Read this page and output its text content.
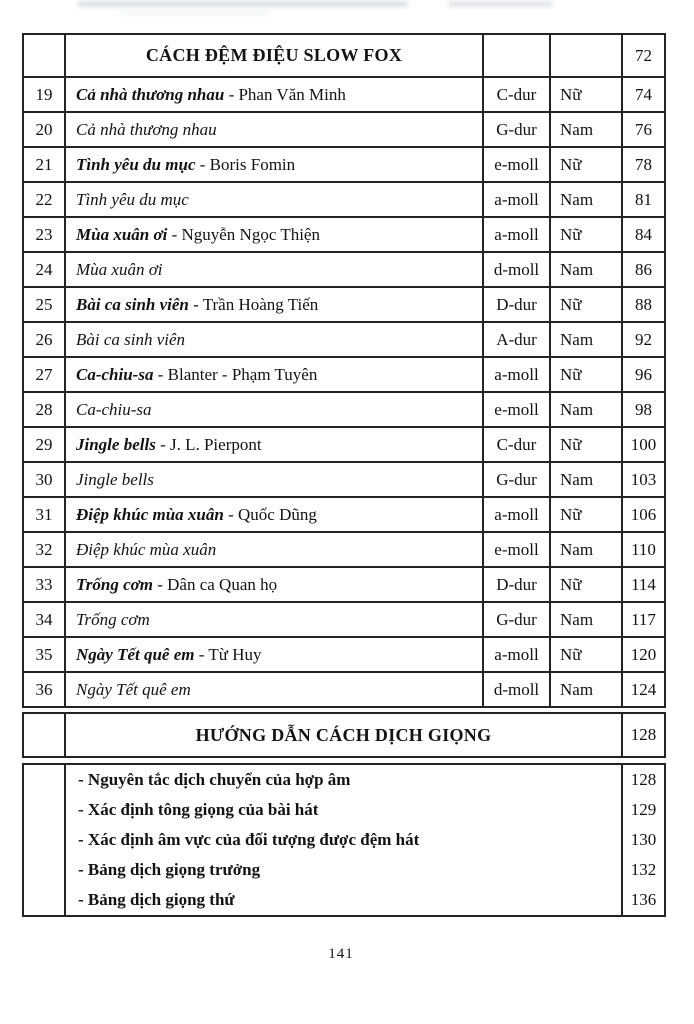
	CÁCH ĐỆM ĐIỆU SLOW FOX			72
19	Cả nhà thương nhau - Phan Văn Minh	C-dur	Nữ	74
20	Cả nhà thương nhau	G-dur	Nam	76
21	Tình yêu du mục - Boris Fomin	e-moll	Nữ	78
22	Tình yêu du mục	a-moll	Nam	81
23	Mùa xuân ơi - Nguyễn Ngọc Thiện	a-moll	Nữ	84
24	Mùa xuân ơi	d-moll	Nam	86
25	Bài ca sinh viên - Trần Hoàng Tiến	D-dur	Nữ	88
26	Bài ca sinh viên	A-dur	Nam	92
27	Ca-chiu-sa - Blanter - Phạm Tuyên	a-moll	Nữ	96
28	Ca-chiu-sa	e-moll	Nam	98
29	Jingle bells - J. L. Pierpont	C-dur	Nữ	100
30	Jingle bells	G-dur	Nam	103
31	Điệp khúc mùa xuân - Quốc Dũng	a-moll	Nữ	106
32	Điệp khúc mùa xuân	e-moll	Nam	110
33	Trống cơm - Dân ca Quan họ	D-dur	Nữ	114
34	Trống cơm	G-dur	Nam	117
35	Ngày Tết quê em - Từ Huy	a-moll	Nữ	120
36	Ngày Tết quê em	d-moll	Nam	124
	HƯỚNG DẪN CÁCH DỊCH GIỌNG	128
	- Nguyên tắc dịch chuyển của hợp âm	128
	- Xác định tông giọng của bài hát	129
	- Xác định âm vực của đối tượng được đệm hát	130
	- Bảng dịch giọng trưởng	132
	- Bảng dịch giọng thứ	136
141
